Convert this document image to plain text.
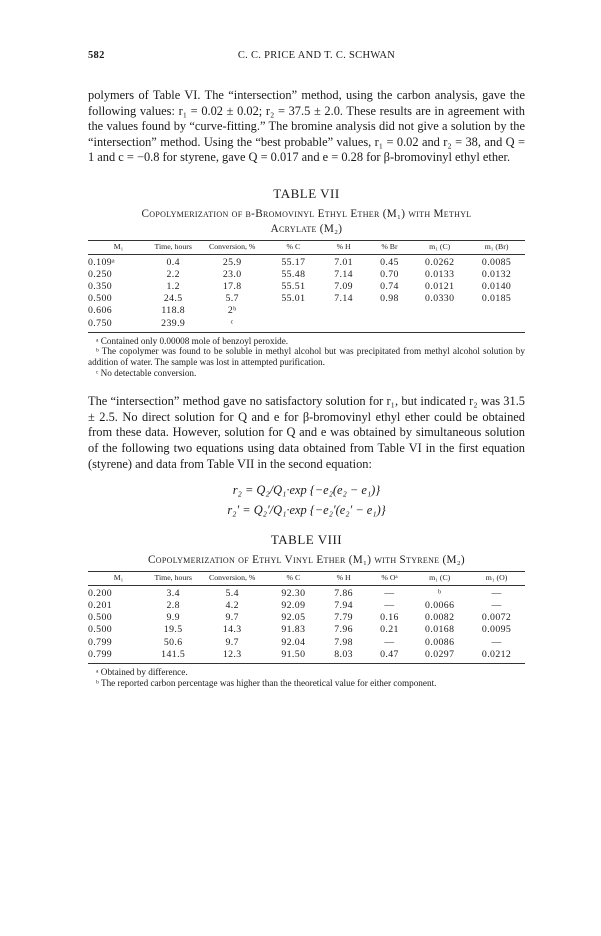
582	C. C. PRICE AND T. C. SCHWAN

polymers of Table VI. The “intersection” method, using the carbon analysis, gave the following values: r₁ = 0.02 ± 0.02; r₂ = 37.5 ± 2.0. These results are in agreement with the values found by “curve-fitting.” The bromine analysis did not give a solution by the “intersection” method. Using the “best probable” values, r₁ = 0.02 and r₂ = 38, and Q = 1 and c = −0.8 for styrene, gave Q = 0.017 and e = 0.28 for β-bromovinyl ethyl ether.

TABLE VII
Copolymerization of β-Bromovinyl Ethyl Ether (M₁) with Methyl
Acrylate (M₂)
M₁	Time, hours	Conversion, %	% C	% H	% Br	m₁ (C)	m₁ (Br)
0.109ᵃ	0.4	25.9	55.17	7.01	0.45	0.0262	0.0085
0.250	2.2	23.0	55.48	7.14	0.70	0.0133	0.0132
0.350	1.2	17.8	55.51	7.09	0.74	0.0121	0.0140
0.500	24.5	5.7	55.01	7.14	0.98	0.0330	0.0185
0.606	118.8	2ᵇ					
0.750	239.9	ᶜ					
ᵃ Contained only 0.00008 mole of benzoyl peroxide.
ᵇ The copolymer was found to be soluble in methyl alcohol but was precipitated from methyl alcohol solution by addition of water. The sample was lost in attempted purification.
ᶜ No detectable conversion.

The “intersection” method gave no satisfactory solution for r₁, but indicated r₂ was 31.5 ± 2.5. No direct solution for Q and e for β-bromovinyl ethyl ether could be obtained from these data. However, solution for Q and e was obtained by simultaneous solution of the following two equations using data obtained from Table VI in the first equation (styrene) and data from Table VII in the second equation:

r₂ = Q₂/Q₁·exp {−e₂(e₂ − e₁)}
r₂′ = Q₂′/Q₁·exp {−e₂′(e₂′ − e₁)}
TABLE VIII
Copolymerization of Ethyl Vinyl Ether (M₁) with Styrene (M₂)
M₁	Time, hours	Conversion, %	% C	% H	% Oᵃ	m₁ (C)	m₁ (O)
0.200	3.4	5.4	92.30	7.86	—	ᵇ	—
0.201	2.8	4.2	92.09	7.94	—	0.0066	—
0.500	9.9	9.7	92.05	7.79	0.16	0.0082	0.0072
0.500	19.5	14.3	91.83	7.96	0.21	0.0168	0.0095
0.799	50.6	9.7	92.04	7.98	—	0.0086	—
0.799	141.5	12.3	91.50	8.03	0.47	0.0297	0.0212
ᵃ Obtained by difference.
ᵇ The reported carbon percentage was higher than the theoretical value for either component.
